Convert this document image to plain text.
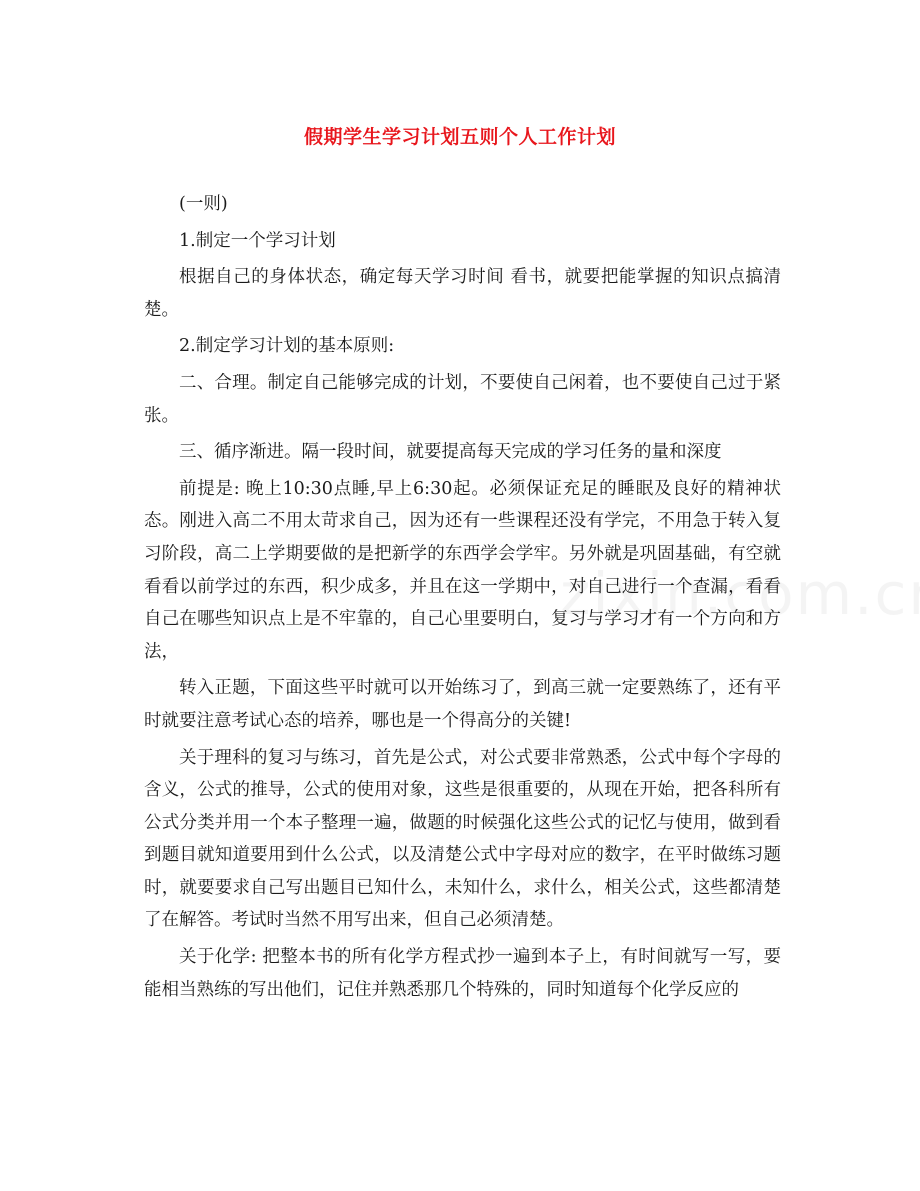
假期学生学习计划五则个人工作计划

(一则)

1.制定一个学习计划

根据自己的身体状态，确定每天学习时间 看书，就要把能掌握的知识点搞清楚。

2.制定学习计划的基本原则:

二、合理。制定自己能够完成的计划，不要使自己闲着，也不要使自己过于紧张。

三、循序渐进。隔一段时间，就要提高每天完成的学习任务的量和深度

前提是: 晚上10:30点睡,早上6:30起。必须保证充足的睡眠及良好的精神状态。刚进入高二不用太苛求自己，因为还有一些课程还没有学完，不用急于转入复习阶段，高二上学期要做的是把新学的东西学会学牢。另外就是巩固基础，有空就看看以前学过的东西，积少成多，并且在这一学期中，对自己进行一个查漏，看看自己在哪些知识点上是不牢靠的，自己心里要明白，复习与学习才有一个方向和方法，

转入正题，下面这些平时就可以开始练习了，到高三就一定要熟练了，还有平时就要注意考试心态的培养，哪也是一个得高分的关键!

关于理科的复习与练习，首先是公式，对公式要非常熟悉，公式中每个字母的含义，公式的推导，公式的使用对象，这些是很重要的，从现在开始，把各科所有公式分类并用一个本子整理一遍，做题的时候强化这些公式的记忆与使用，做到看到题目就知道要用到什么公式，以及清楚公式中字母对应的数字，在平时做练习题时，就要要求自己写出题目已知什么，未知什么，求什么，相关公式，这些都清楚了在解答。考试时当然不用写出来，但自己必须清楚。

关于化学: 把整本书的所有化学方程式抄一遍到本子上，有时间就写一写，要能相当熟练的写出他们，记住并熟悉那几个特殊的，同时知道每个化学反应的
